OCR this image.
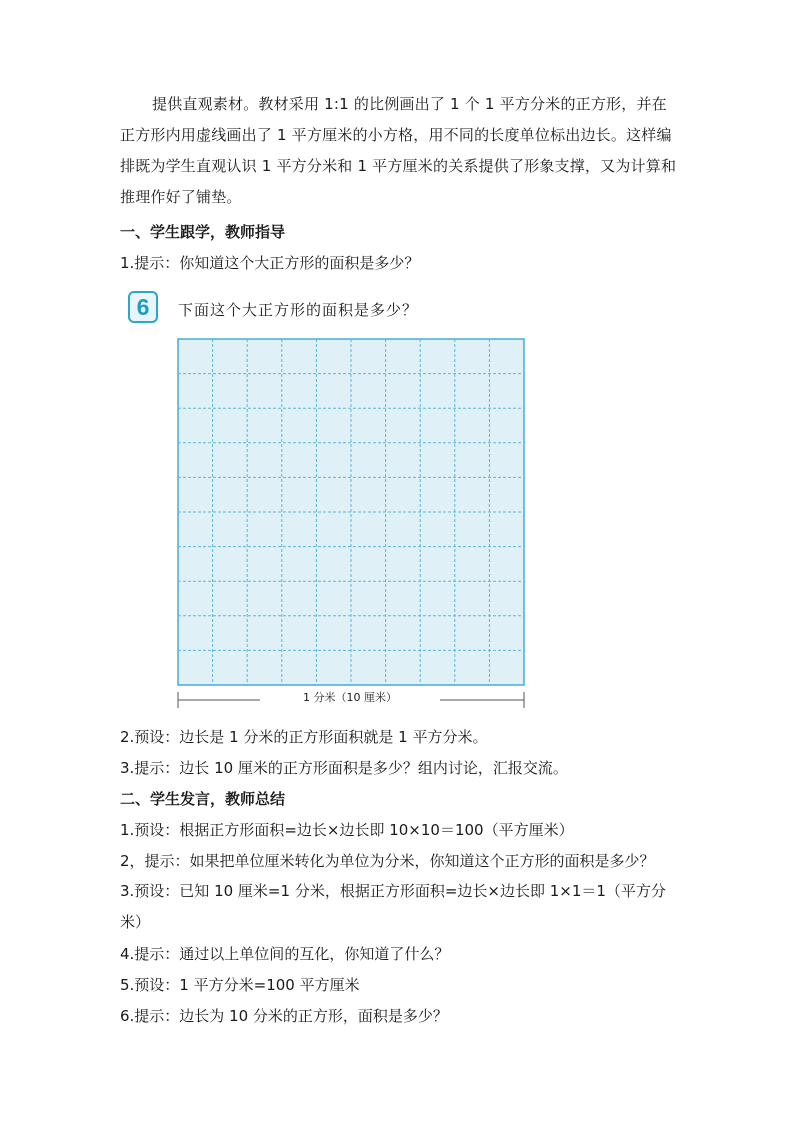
提供直观素材。教材采用 1:1 的比例画出了 1 个 1 平方分米的正方形，并在正方形内用虚线画出了 1 平方厘米的小方格，用不同的长度单位标出边长。这样编排既为学生直观认识 1 平方分米和 1 平方厘米的关系提供了形象支撑，又为计算和推理作好了铺垫。

一、学生跟学，教师指导
1.提示：你知道这个大正方形的面积是多少？
6	下面这个大正方形的面积是多少？
1 分米（10 厘米）
2.预设：边长是 1 分米的正方形面积就是 1 平方分米。
3.提示：边长 10 厘米的正方形面积是多少？组内讨论，汇报交流。
二、学生发言，教师总结
1.预设：根据正方形面积=边长×边长即 10×10＝100（平方厘米）
2，提示：如果把单位厘米转化为单位为分米，你知道这个正方形的面积是多少？
3.预设：已知 10 厘米=1 分米，根据正方形面积=边长×边长即 1×1＝1（平方分米）
4.提示：通过以上单位间的互化，你知道了什么？
5.预设：1 平方分米=100 平方厘米
6.提示：边长为 10 分米的正方形，面积是多少？
